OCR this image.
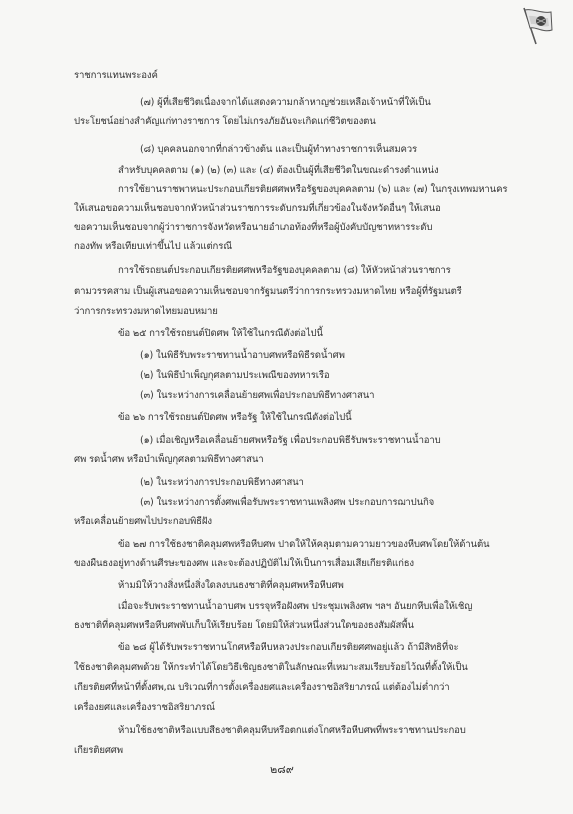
ราชการแทนพระองค์
(๗) ผู้ที่เสียชีวิตเนื่องจากได้แสดงความกล้าหาญช่วยเหลือเจ้าหน้าที่ให้เป็น
ประโยชน์อย่างสำคัญแก่ทางราชการ โดยไม่เกรงภัยอันจะเกิดแก่ชีวิตของตน
(๘) บุคคลนอกจากที่กล่าวข้างต้น และเป็นผู้ทำทางราชการเห็นสมควร
สำหรับบุคคลตาม (๑) (๒) (๓) และ (๔) ต้องเป็นผู้ที่เสียชีวิตในขณะดำรงตำแหน่ง
การใช้ยานราชพาหนะประกอบเกียรติยศศพหรือรัฐของบุคคลตาม (๖) และ (๗) ในกรุงเทพมหานคร
ให้เสนอขอความเห็นชอบจากหัวหน้าส่วนราชการระดับกรมที่เกี่ยวข้องในจังหวัดอื่นๆ ให้เสนอ
ขอความเห็นชอบจากผู้ว่าราชการจังหวัดหรือนายอำเภอท้องที่หรือผู้บังคับบัญชาทหารระดับ
กองทัพ หรือเทียบเท่าขึ้นไป แล้วแต่กรณี
การใช้รถยนต์ประกอบเกียรติยศศพหรือรัฐของบุคคลตาม (๘) ให้หัวหน้าส่วนราชการ
ตามวรรคสาม เป็นผู้เสนอขอความเห็นชอบจากรัฐมนตรีว่าการกระทรวงมหาดไทย หรือผู้ที่รัฐมนตรี
ว่าการกระทรวงมหาดไทยมอบหมาย
ข้อ ๒๕ การใช้รถยนต์ปิดศพ ให้ใช้ในกรณีดังต่อไปนี้
(๑) ในพิธีรับพระราชทานน้ำอาบศพหรือพิธีรดน้ำศพ
(๒) ในพิธีบำเพ็ญกุศลตามประเพณีของทหารเรือ
(๓) ในระหว่างการเคลื่อนย้ายศพเพื่อประกอบพิธีทางศาสนา
ข้อ ๒๖ การใช้รถยนต์ปิดศพ หรือรัฐ ให้ใช้ในกรณีดังต่อไปนี้
(๑) เมื่อเชิญหรือเคลื่อนย้ายศพหรือรัฐ เพื่อประกอบพิธีรับพระราชทานน้ำอาบ
ศพ รดน้ำศพ หรือบำเพ็ญกุศลตามพิธีทางศาสนา
(๒) ในระหว่างการประกอบพิธีทางศาสนา
(๓) ในระหว่างการตั้งศพเพื่อรับพระราชทานเพลิงศพ ประกอบการฌาปนกิจ
หรือเคลื่อนย้ายศพไปประกอบพิธีฝัง
ข้อ ๒๗ การใช้ธงชาติคลุมศพหรือหีบศพ ปาดให้ให้คลุมตามความยาวของหีบศพโดยให้ด้านต้น
ของผืนธงอยู่ทางด้านศีรษะของศพ และจะต้องปฏิบัติไม่ให้เป็นการเสื่อมเสียเกียรติแก่ธง
ห้ามมิให้วางสิ่งหนึ่งสิ่งใดลงบนธงชาติที่คลุมศพหรือหีบศพ
เมื่อจะรับพระราชทานน้ำอาบศพ บรรจุหรือฝังศพ ประชุมเพลิงศพ ฯลฯ อันยกหีบเพื่อให้เชิญ
ธงชาติที่คลุมศพหรือหีบศพพับเก็บให้เรียบร้อย โดยมิให้ส่วนหนึ่งส่วนใดของธงสัมผัสพื้น
ข้อ ๒๘ ผู้ได้รับพระราชทานโกศหรือหีบหลวงประกอบเกียรติยศศพอยู่แล้ว ถ้ามีสิทธิที่จะ
ใช้ธงชาติคลุมศพด้วย ให้กระทำได้โดยวิธีเชิญธงชาติในลักษณะที่เหมาะสมเรียบร้อยไว้ณที่ตั้งให้เป็น
เกียรติยศที่หน้าที่ตั้งศพ,ณ บริเวณที่การตั้งเครื่องยศและเครื่องราชอิสริยาภรณ์ แต่ต้องไม่ต่ำกว่า
เครื่องยศและเครื่องราชอิสริยาภรณ์
ห้ามใช้ธงชาติหรือแบบสีธงชาติคลุมหีบหรือตกแต่งโกศหรือหีบศพที่พระราชทานประกอบ
เกียรติยศศพ
๒๘๙
